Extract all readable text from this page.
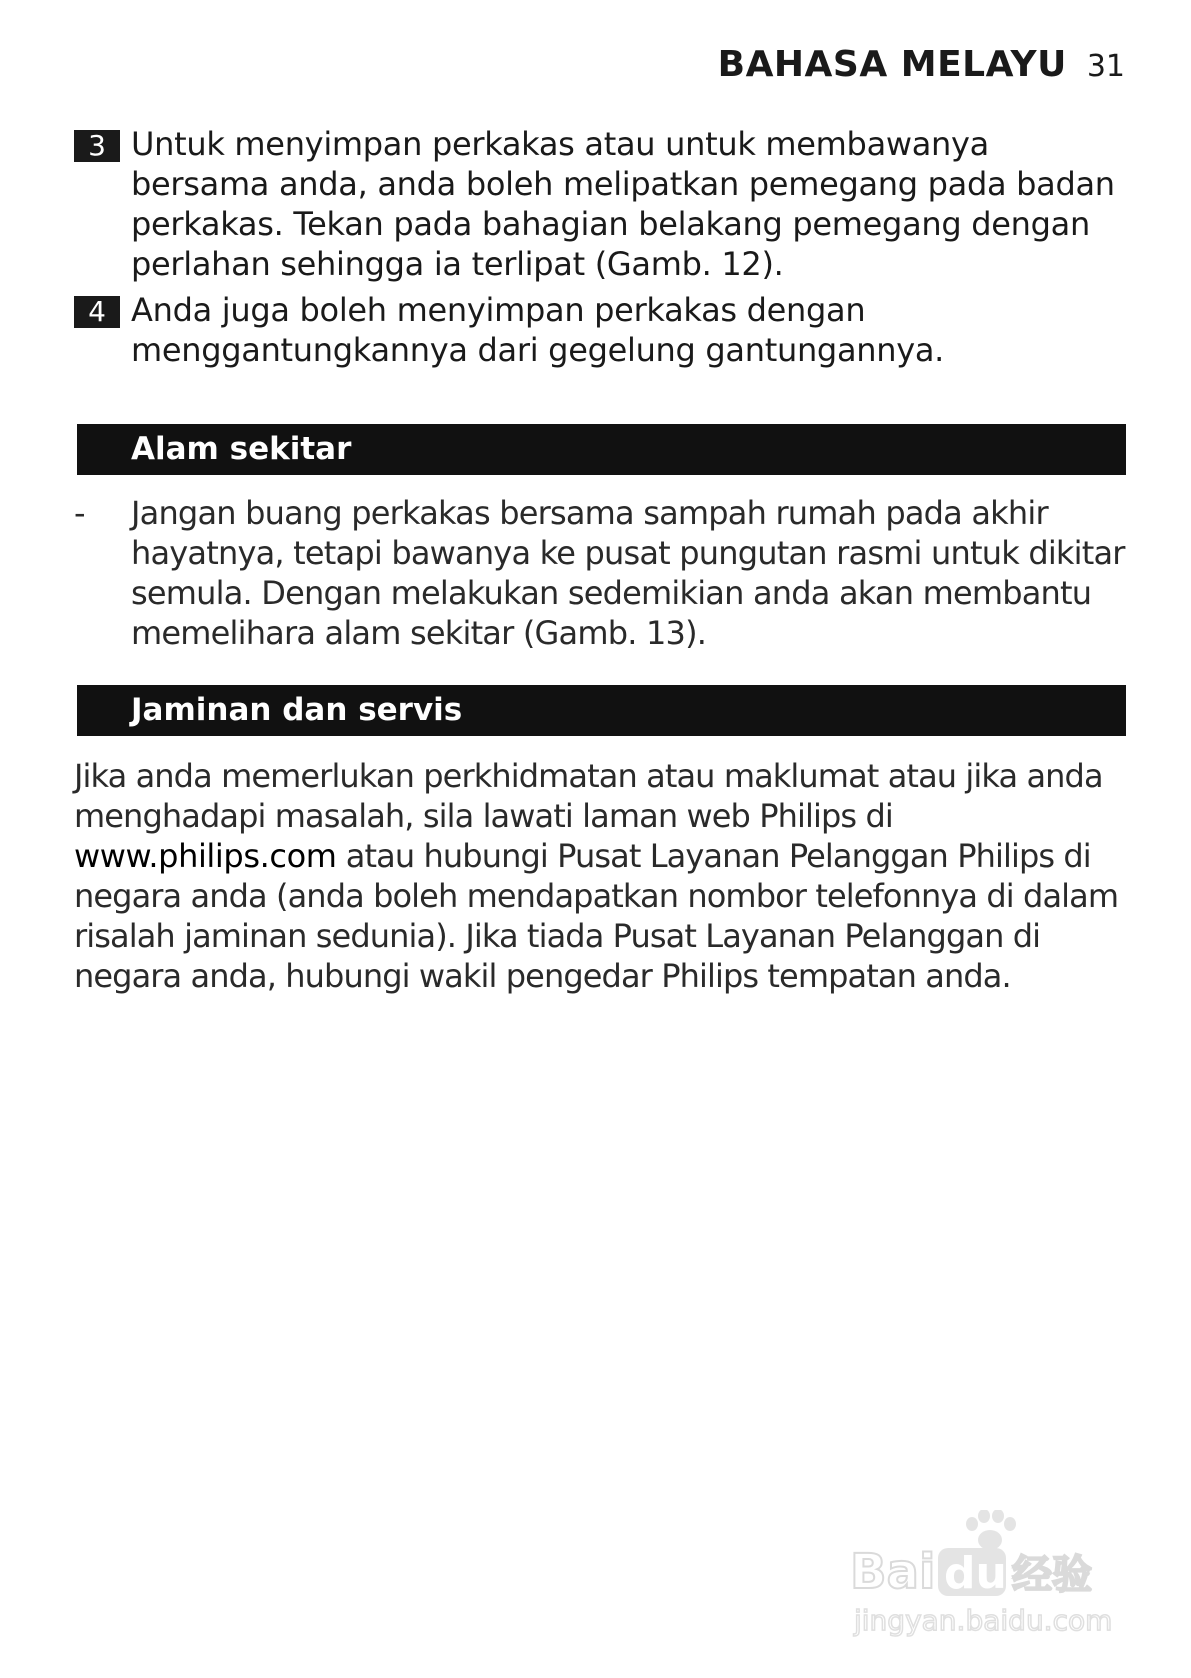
BAHASA MELAYU 31
3 Untuk menyimpan perkakas atau untuk membawanya bersama anda, anda boleh melipatkan pemegang pada badan perkakas. Tekan pada bahagian belakang pemegang dengan perlahan sehingga ia terlipat (Gamb. 12).
4 Anda juga boleh menyimpan perkakas dengan menggantungkannya dari gegelung gantungannya.
Alam sekitar
- Jangan buang perkakas bersama sampah rumah pada akhir hayatnya, tetapi bawanya ke pusat pungutan rasmi untuk dikitar semula. Dengan melakukan sedemikian anda akan membantu memelihara alam sekitar (Gamb. 13).
Jaminan dan servis
Jika anda memerlukan perkhidmatan atau maklumat atau jika anda menghadapi masalah, sila lawati laman web Philips di www.philips.com atau hubungi Pusat Layanan Pelanggan Philips di negara anda (anda boleh mendapatkan nombor telefonnya di dalam risalah jaminan sedunia). Jika tiada Pusat Layanan Pelanggan di negara anda, hubungi wakil pengedar Philips tempatan anda.
Bai du 经验
jingyan.baidu.com
